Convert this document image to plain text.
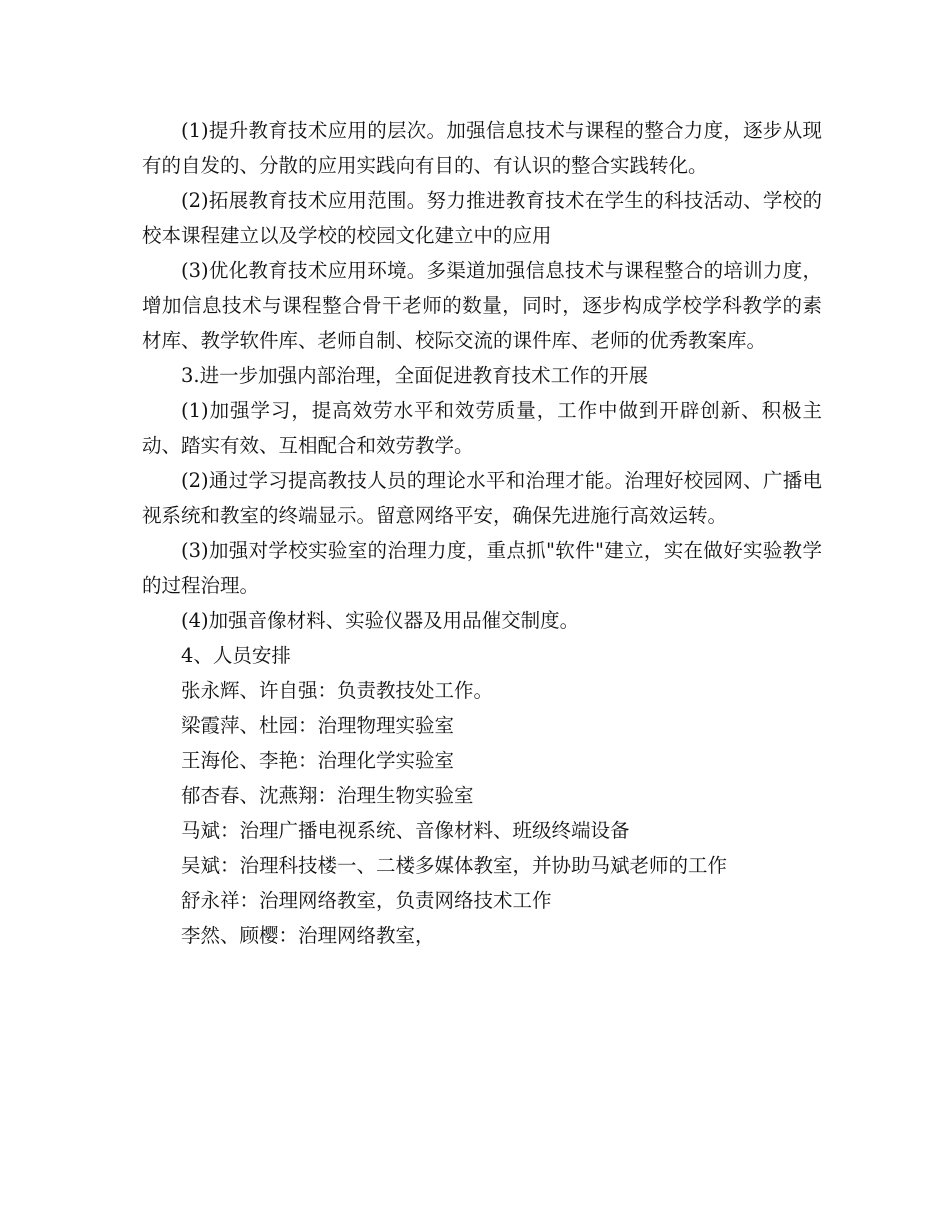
(1)提升教育技术应用的层次。加强信息技术与课程的整合力度，逐步从现有的自发的、分散的应用实践向有目的、有认识的整合实践转化。

(2)拓展教育技术应用范围。努力推进教育技术在学生的科技活动、学校的校本课程建立以及学校的校园文化建立中的应用

(3)优化教育技术应用环境。多渠道加强信息技术与课程整合的培训力度，增加信息技术与课程整合骨干老师的数量，同时，逐步构成学校学科教学的素材库、教学软件库、老师自制、校际交流的课件库、老师的优秀教案库。

3.进一步加强内部治理，全面促进教育技术工作的开展

(1)加强学习，提高效劳水平和效劳质量，工作中做到开辟创新、积极主动、踏实有效、互相配合和效劳教学。

(2)通过学习提高教技人员的理论水平和治理才能。治理好校园网、广播电视系统和教室的终端显示。留意网络平安，确保先进施行高效运转。

(3)加强对学校实验室的治理力度，重点抓"软件"建立，实在做好实验教学的过程治理。

(4)加强音像材料、实验仪器及用品催交制度。

4、人员安排

张永辉、许自强：负责教技处工作。

梁霞萍、杜园：治理物理实验室

王海伦、李艳：治理化学实验室

郁杏春、沈燕翔：治理生物实验室

马斌：治理广播电视系统、音像材料、班级终端设备

吴斌：治理科技楼一、二楼多媒体教室，并协助马斌老师的工作

舒永祥：治理网络教室，负责网络技术工作

李然、顾樱：治理网络教室，
